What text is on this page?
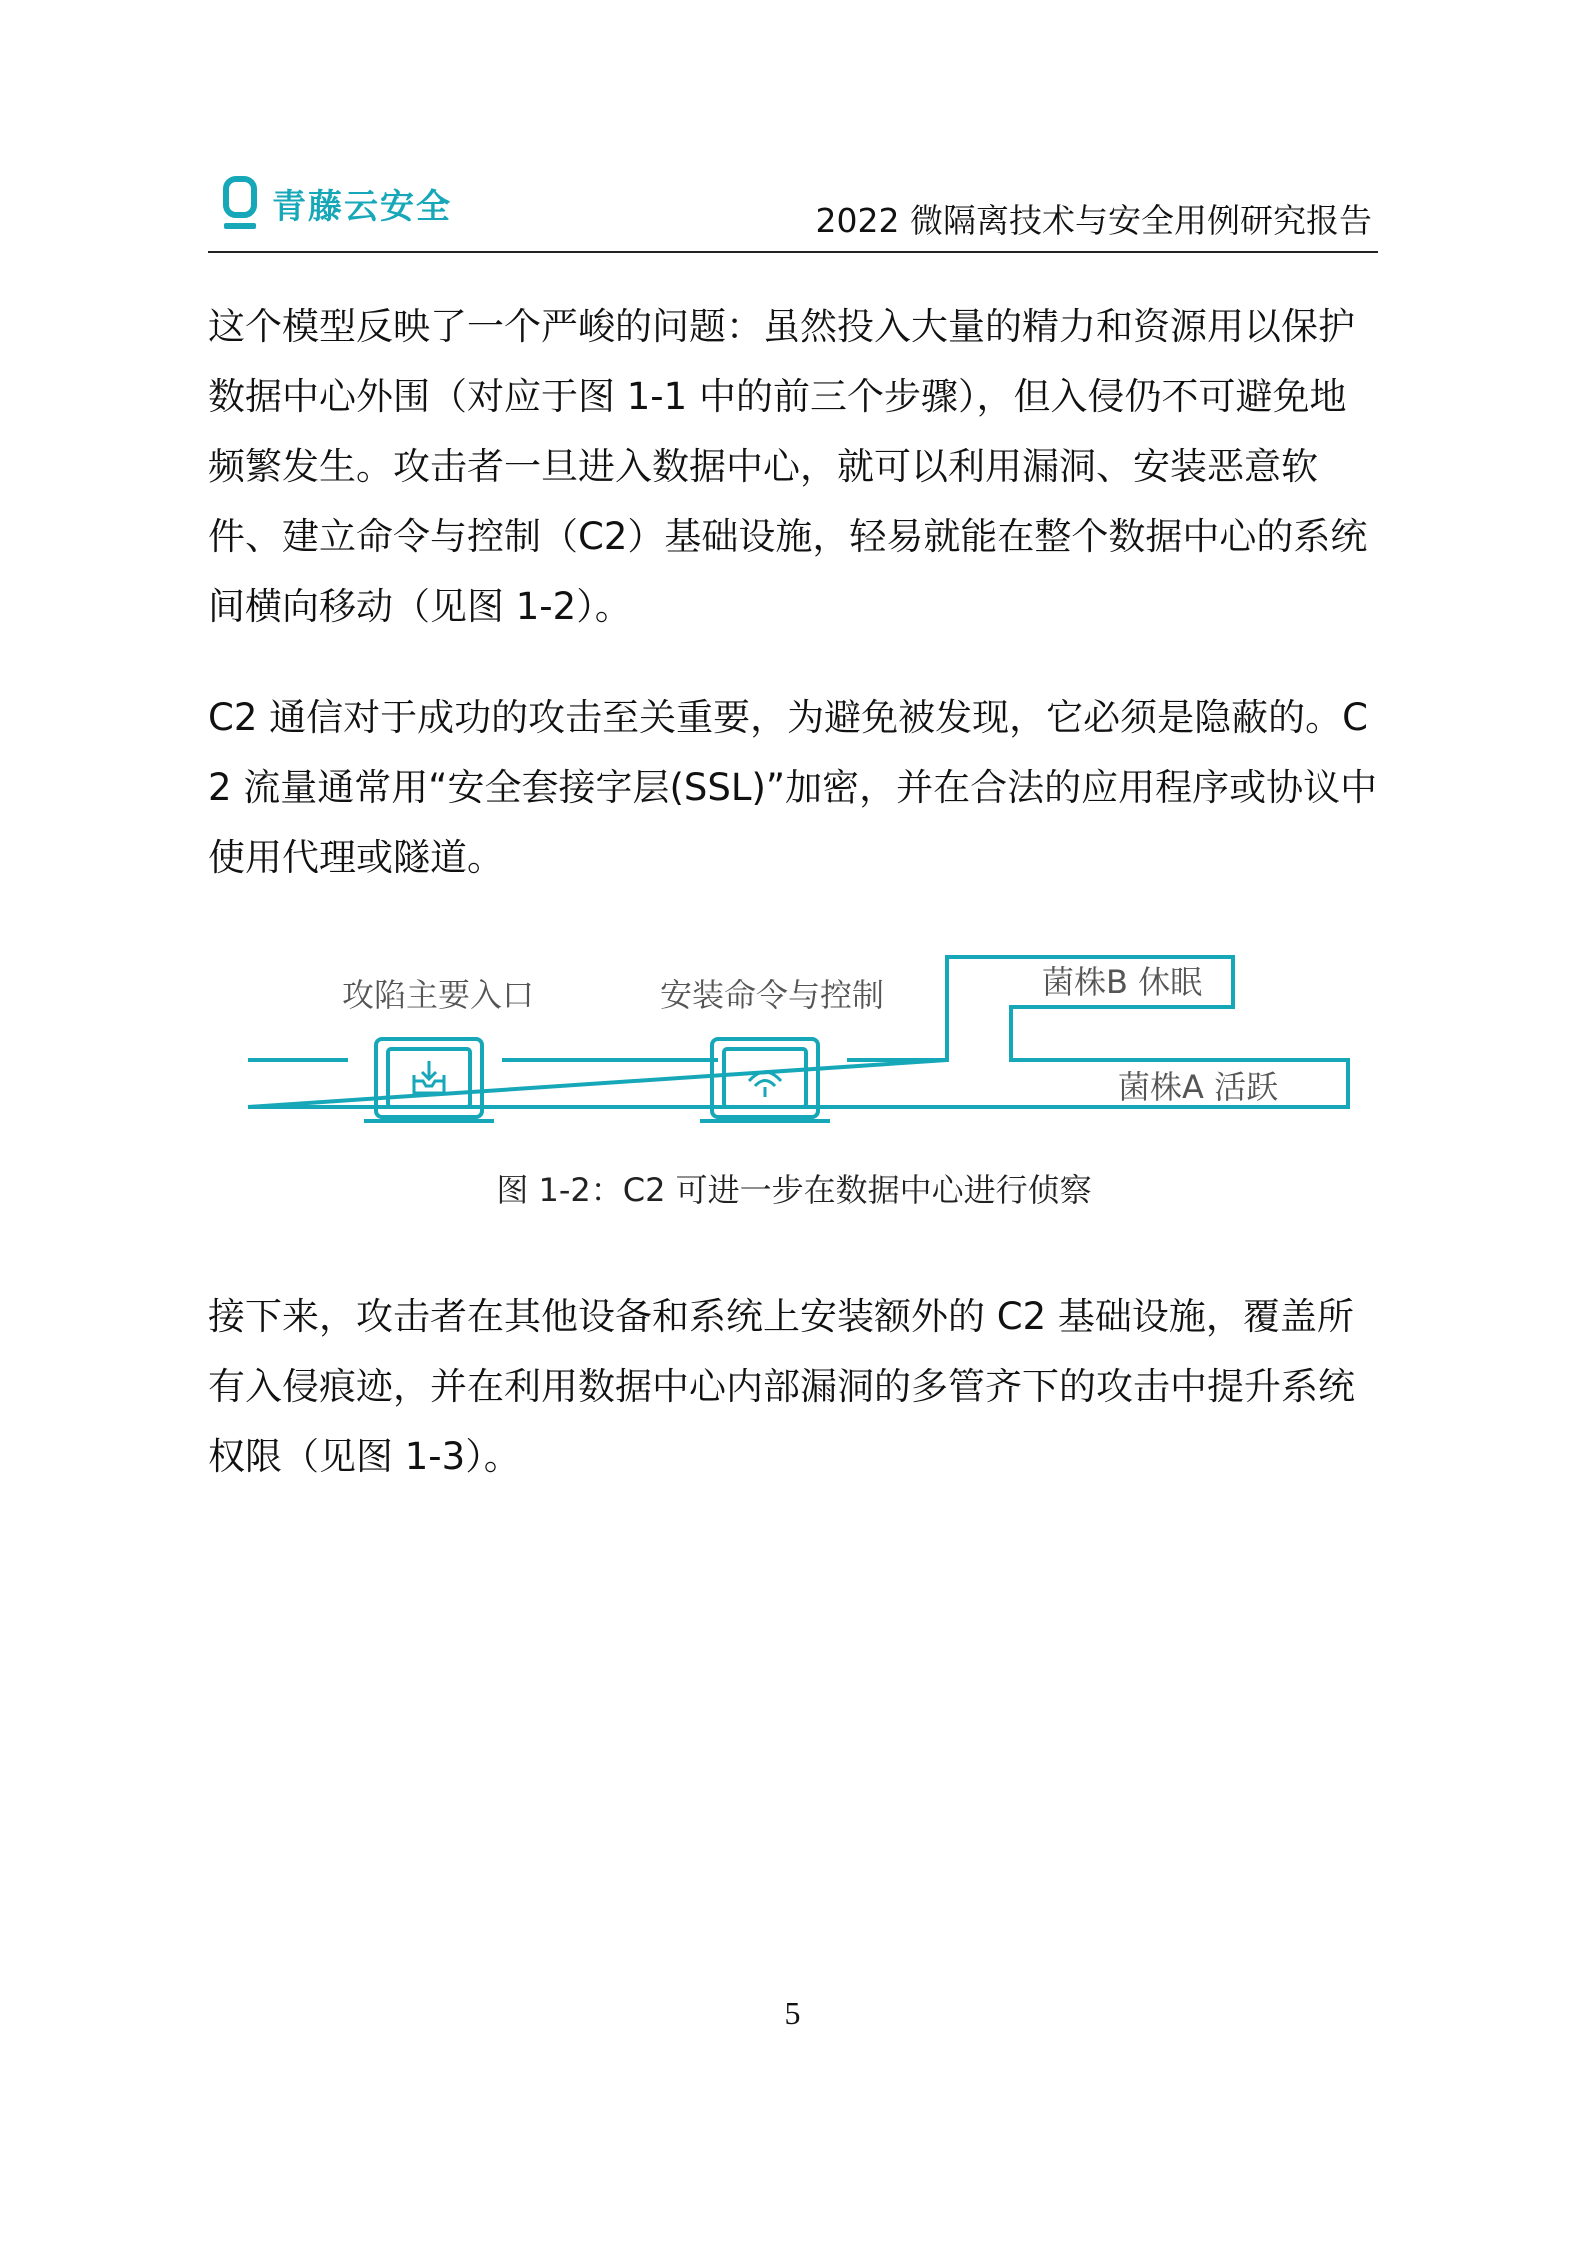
青藤云安全	2022 微隔离技术与安全用例研究报告

这个模型反映了一个严峻的问题：虽然投入大量的精力和资源用以保护数据中心外围（对应于图 1-1 中的前三个步骤），但入侵仍不可避免地频繁发生。攻击者一旦进入数据中心，就可以利用漏洞、安装恶意软件、建立命令与控制（C2）基础设施，轻易就能在整个数据中心的系统间横向移动（见图 1-2）。

C2 通信对于成功的攻击至关重要，为避免被发现，它必须是隐蔽的。C2 流量通常用“安全套接字层(SSL)”加密，并在合法的应用程序或协议中使用代理或隧道。

攻陷主要入口	安装命令与控制	菌株B 休眠
菌株A 活跃
图 1-2：C2 可进一步在数据中心进行侦察

接下来，攻击者在其他设备和系统上安装额外的 C2 基础设施，覆盖所有入侵痕迹，并在利用数据中心内部漏洞的多管齐下的攻击中提升系统权限（见图 1-3）。

5
